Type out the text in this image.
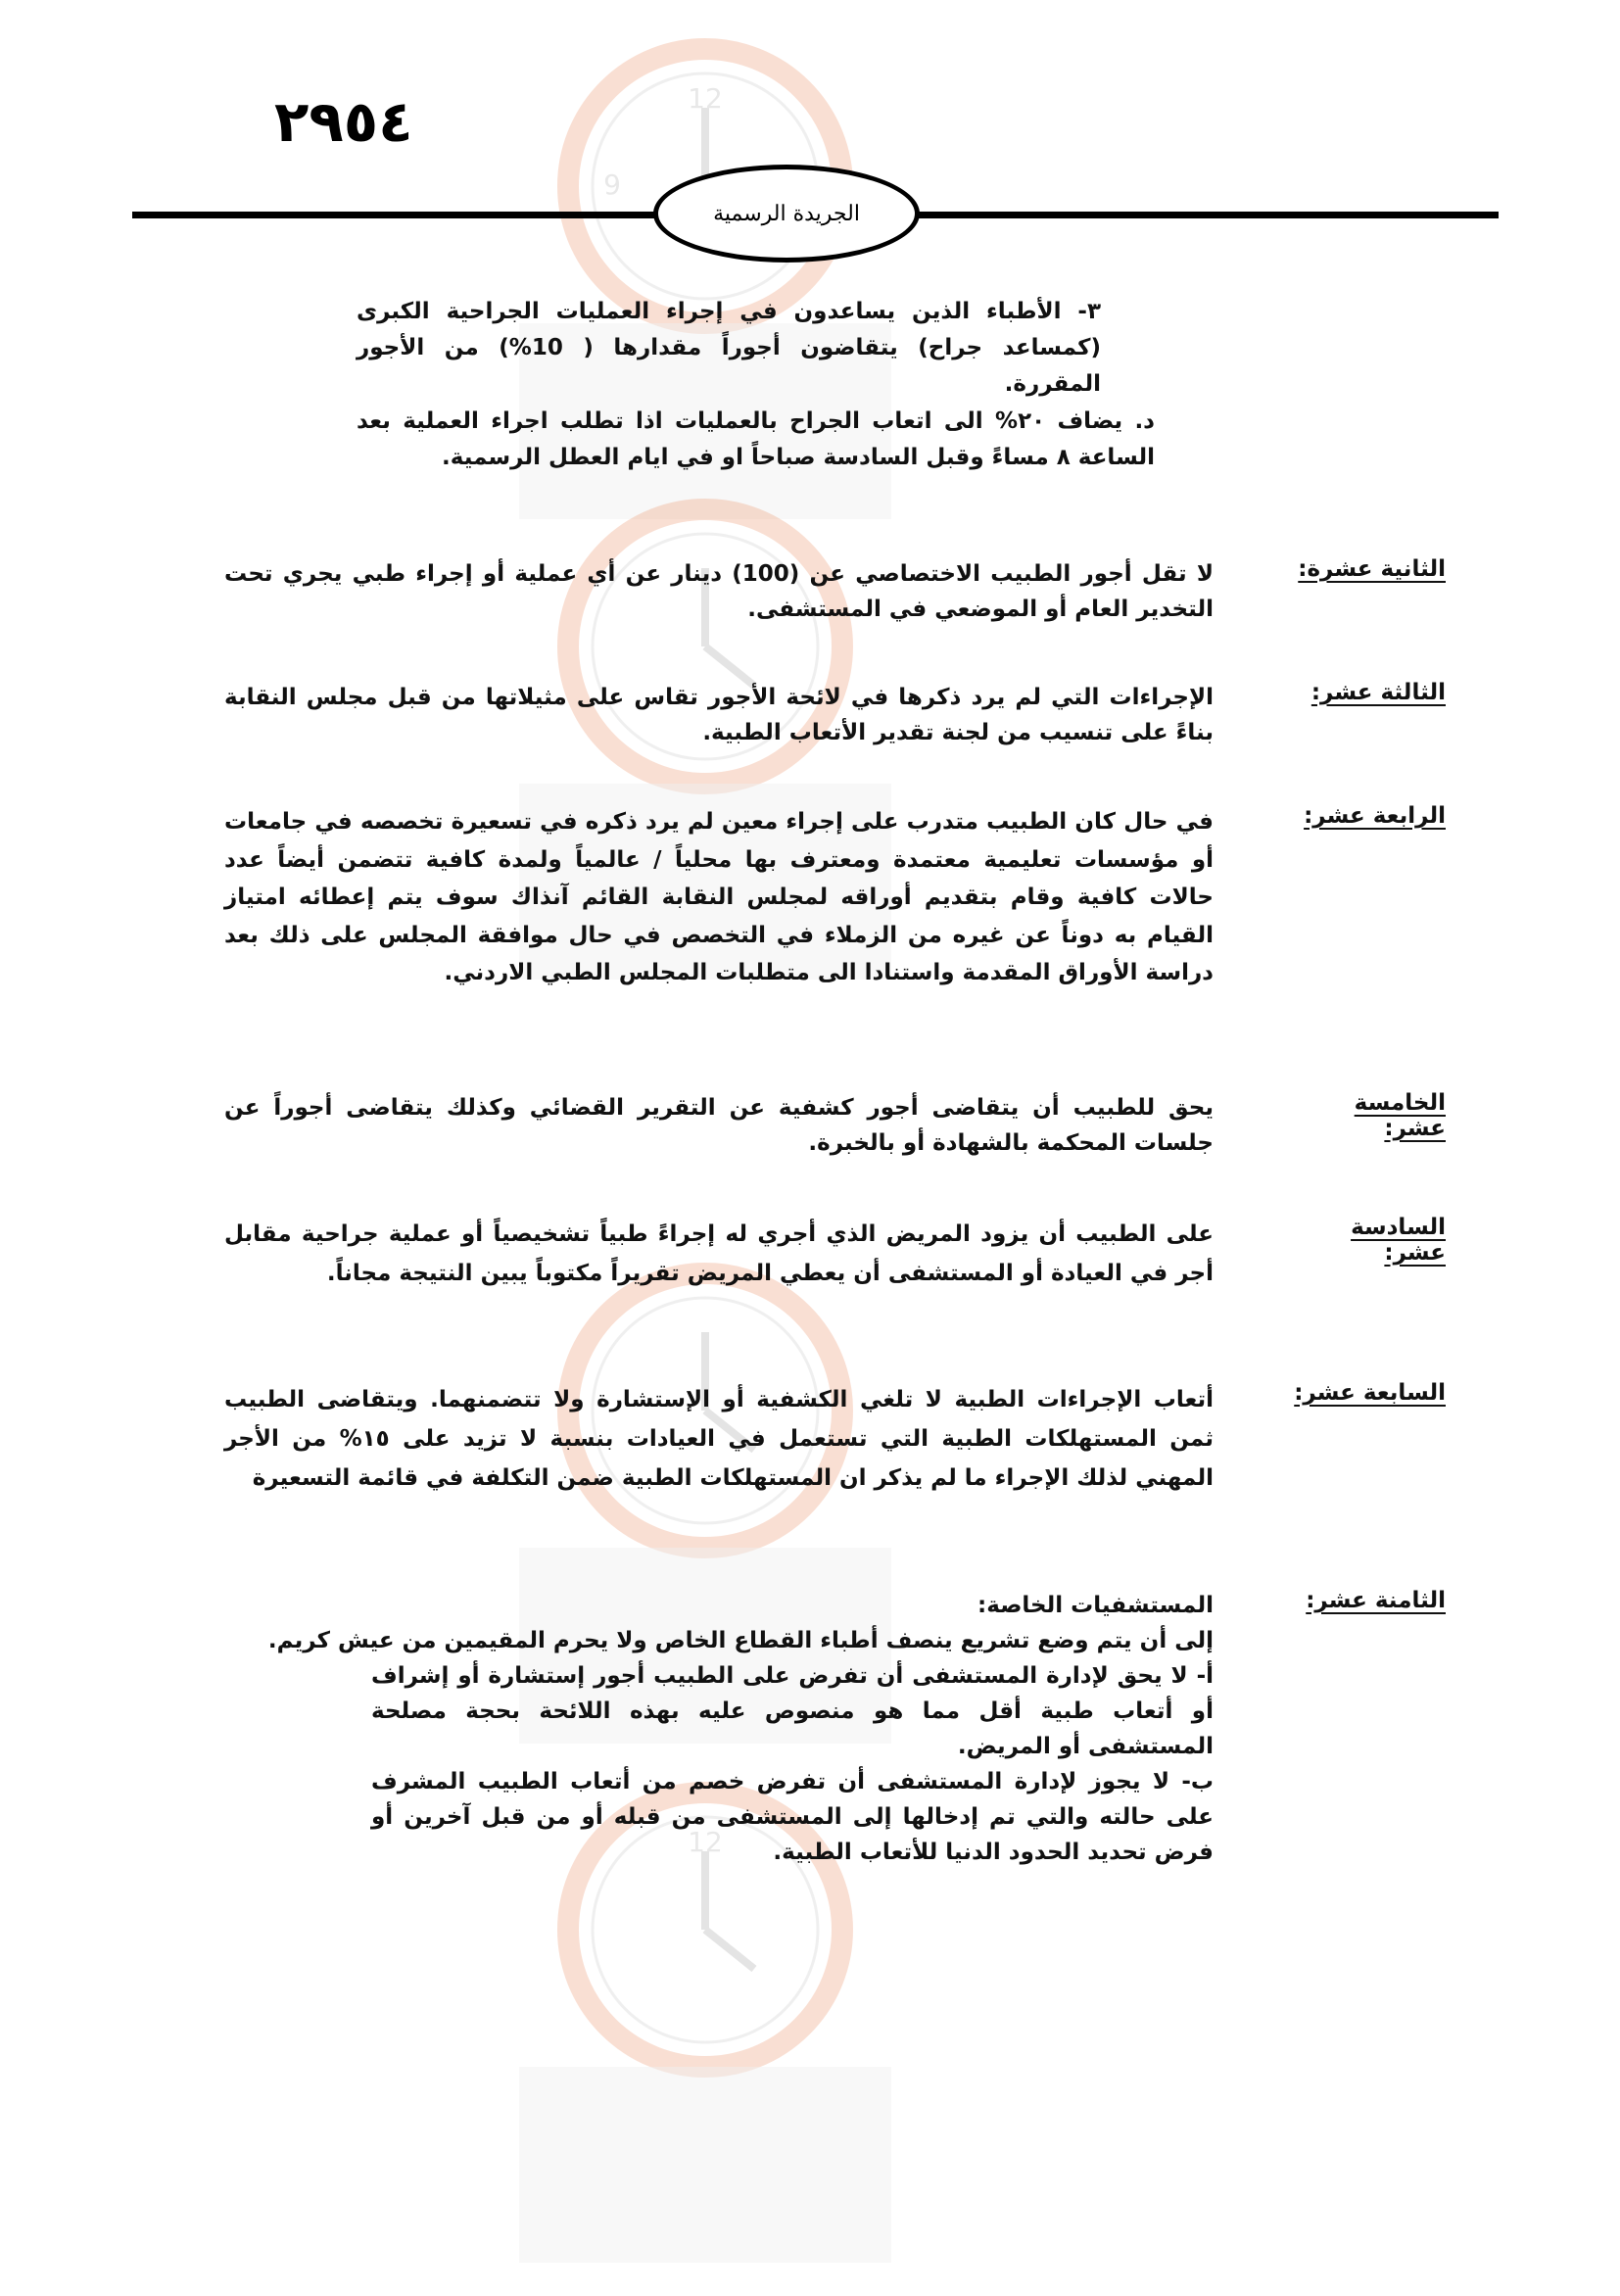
12
9
12
٢٩٥٤
الجريدة الرسمية
٣- الأطباء الذين يساعدون في إجراء العمليات الجراحية الكبرى (كمساعد جراح) يتقاضون أجوراً مقدارها ( 10%) من الأجور المقررة.
د. يضاف ٢٠% الى اتعاب الجراح بالعمليات اذا تطلب اجراء العملية بعد الساعة ٨ مساءً وقبل السادسة صباحاً او في ايام العطل الرسمية.
الثانية عشرة:
لا تقل أجور الطبيب الاختصاصي عن (100) دينار عن أي عملية أو إجراء طبي يجري تحت التخدير العام أو الموضعي في المستشفى.
الثالثة عشر:
الإجراءات التي لم يرد ذكرها في لائحة الأجور تقاس على مثيلاتها من قبل مجلس النقابة بناءً على تنسيب من لجنة تقدير الأتعاب الطبية.
الرابعة عشر:
في حال كان الطبيب متدرب على إجراء معين لم يرد ذكره في تسعيرة تخصصه في جامعات أو مؤسسات تعليمية معتمدة ومعترف بها محلياً / عالمياً ولمدة كافية تتضمن أيضاً عدد حالات كافية وقام بتقديم أوراقه لمجلس النقابة القائم آنذاك سوف يتم إعطائه امتياز القيام به دوناً عن غيره من الزملاء في التخصص في حال موافقة المجلس على ذلك بعد دراسة الأوراق المقدمة واستنادا الى متطلبات المجلس الطبي الاردني.
الخامسة عشر:
يحق للطبيب أن يتقاضى أجور كشفية عن التقرير القضائي وكذلك يتقاضى أجوراً عن جلسات المحكمة بالشهادة أو بالخبرة.
السادسة عشر:
على الطبيب أن يزود المريض الذي أجري له إجراءً طبياً تشخيصياً أو عملية جراحية مقابل أجر في العيادة أو المستشفى أن يعطي المريض تقريراً مكتوباً يبين النتيجة مجاناً.
السابعة عشر:
أتعاب الإجراءات الطبية لا تلغي الكشفية أو الإستشارة ولا تتضمنهما. ويتقاضى الطبيب ثمن المستهلكات الطبية التي تستعمل في العيادات بنسبة لا تزيد على ١٥% من الأجر المهني لذلك الإجراء ما لم يذكر ان المستهلكات الطبية ضمن التكلفة في قائمة التسعيرة
الثامنة عشر:
المستشفيات الخاصة:
إلى أن يتم وضع تشريع ينصف أطباء القطاع الخاص ولا يحرم المقيمين من عيش كريم.
أ- لا يحق لإدارة المستشفى أن تفرض على الطبيب أجور إستشارة أو إشراف أو أتعاب طبية أقل مما هو منصوص عليه بهذه اللائحة بحجة مصلحة المستشفى أو المريض.
ب- لا يجوز لإدارة المستشفى أن تفرض خصم من أتعاب الطبيب المشرف على حالته والتي تم إدخالها إلى المستشفى من قبله أو من قبل آخرين أو فرض تحديد الحدود الدنيا للأتعاب الطبية.
